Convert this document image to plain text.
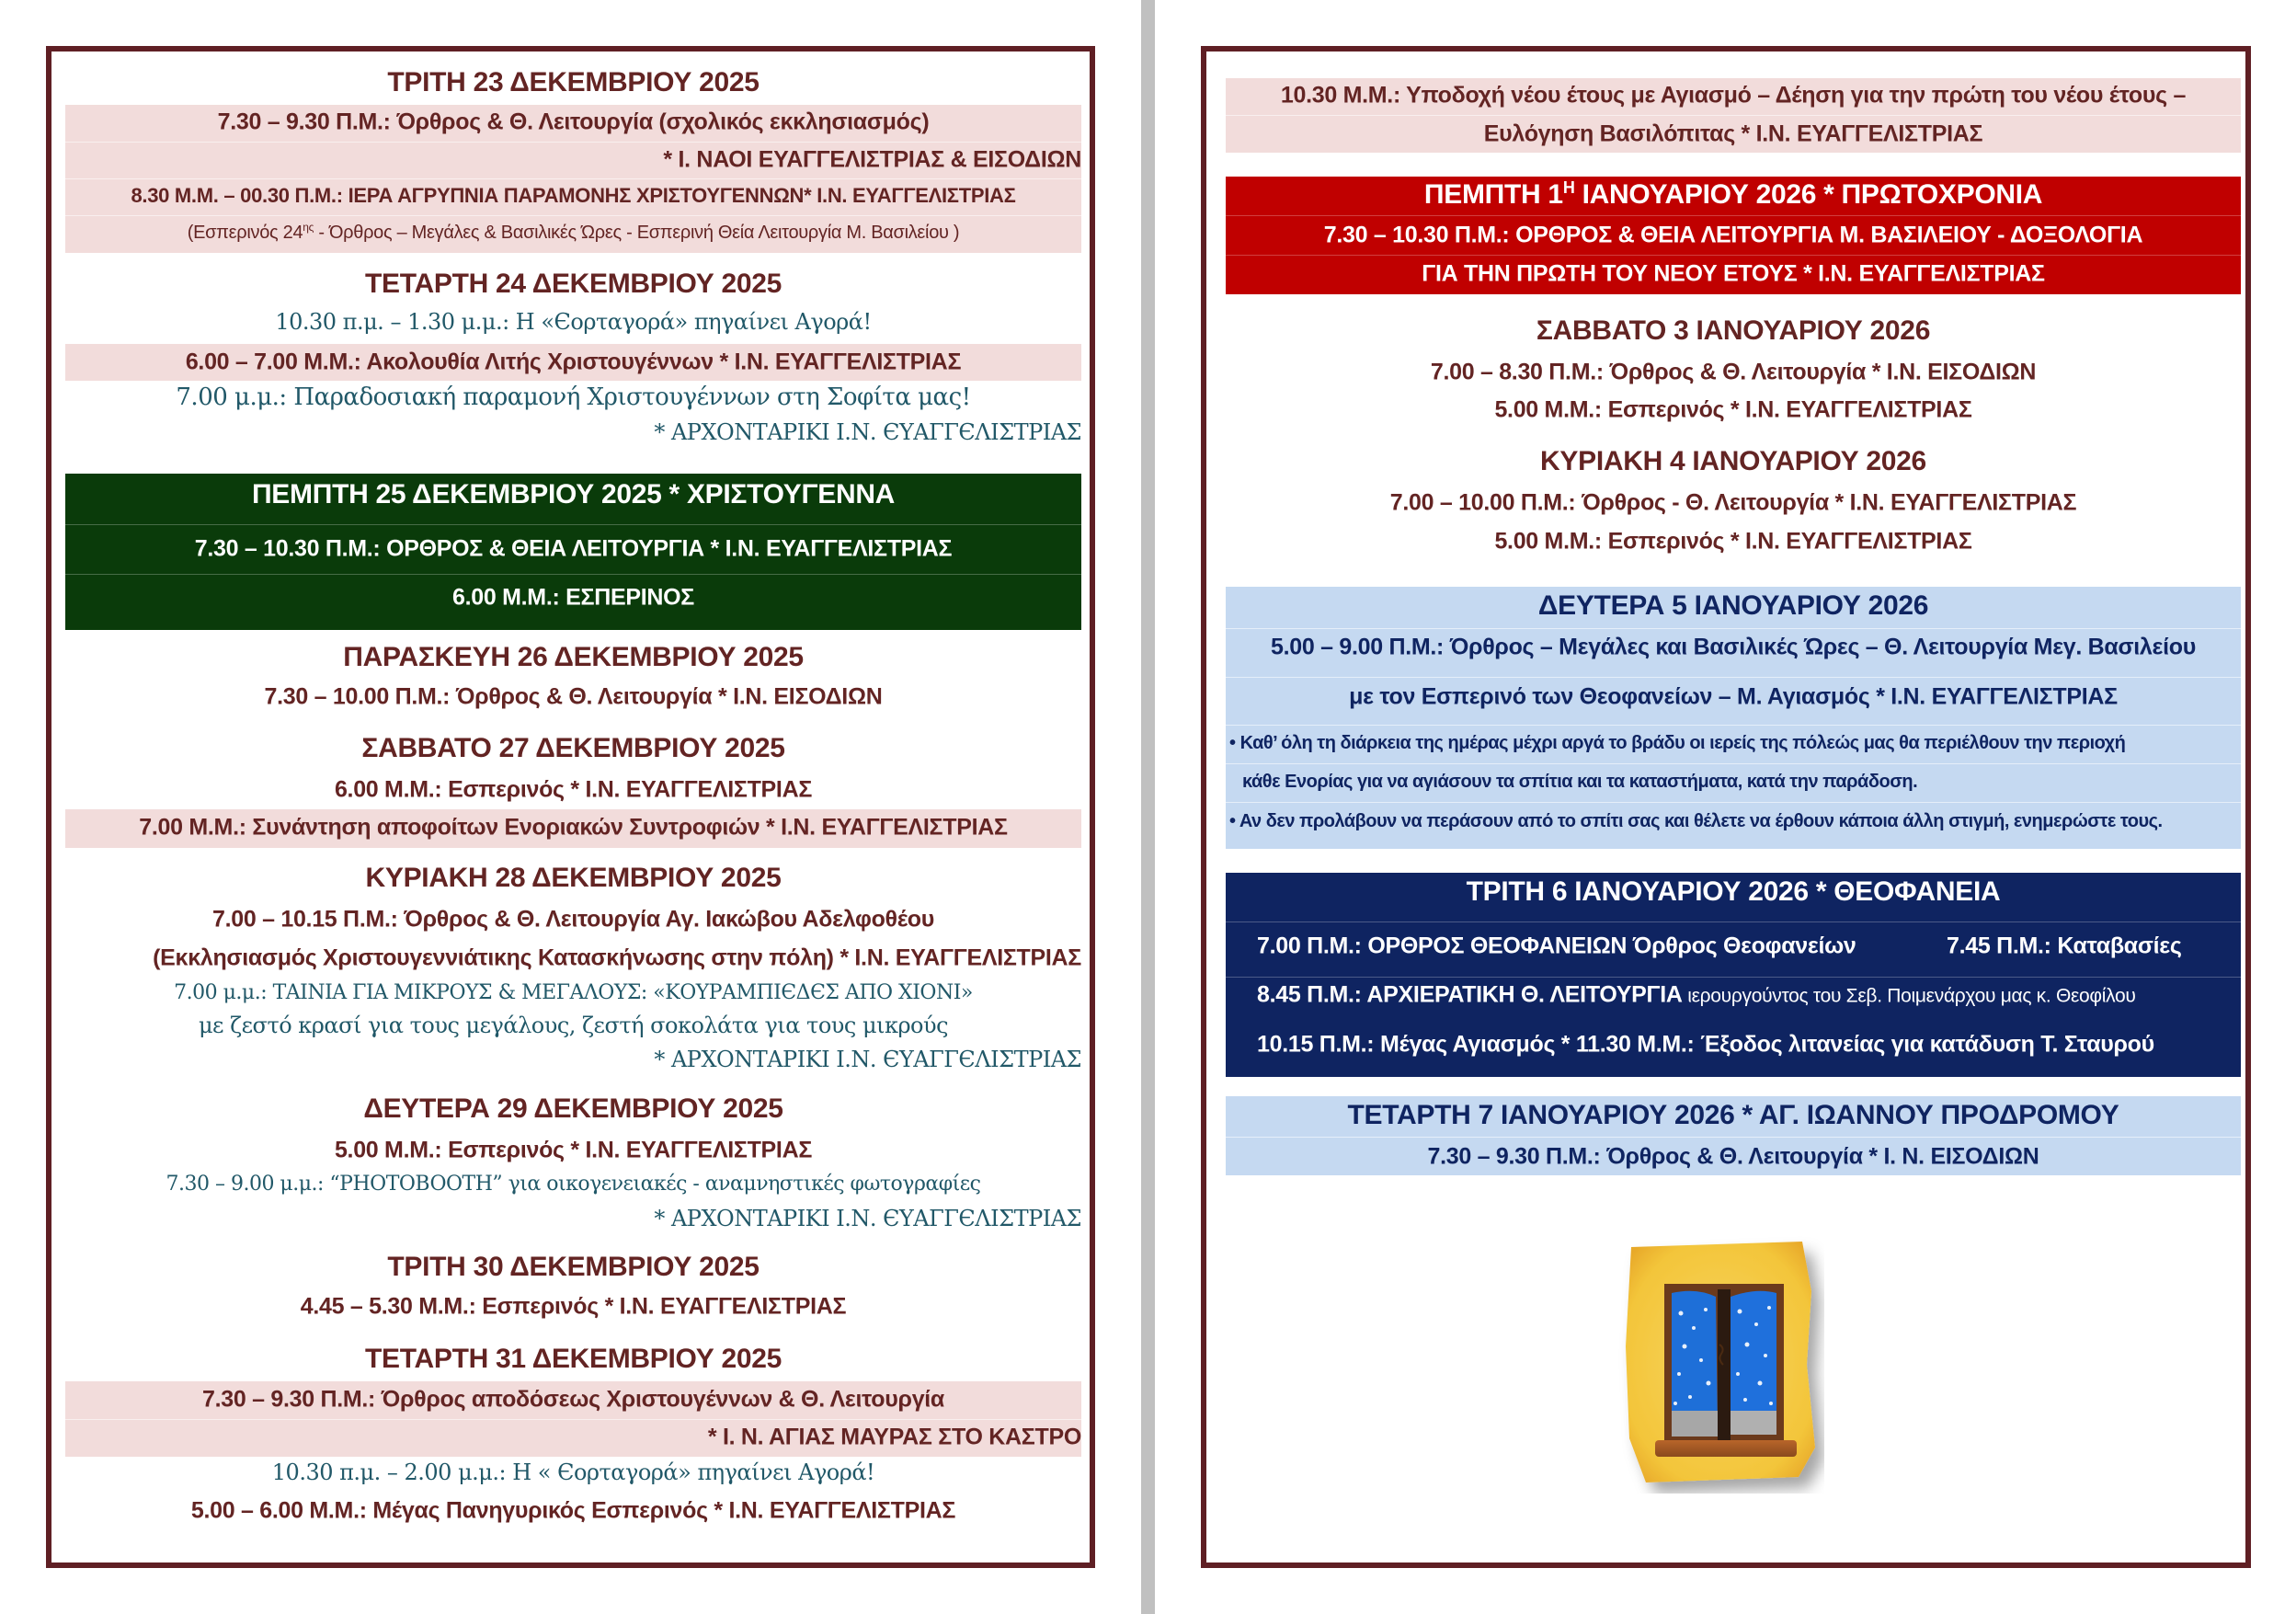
ΤΡΙΤΗ 23 ΔΕΚΕΜΒΡΙΟΥ 2025
7.30 – 9.30 Π.Μ.: Όρθρος & Θ. Λειτουργία (σχολικός εκκλησιασμός)
* Ι. ΝΑΟΙ ΕΥΑΓΓΕΛΙΣΤΡΙΑΣ & ΕΙΣΟΔΙΩΝ
8.30 Μ.Μ. – 00.30 Π.Μ.: ΙΕΡΑ ΑΓΡΥΠΝΙΑ ΠΑΡΑΜΟΝΗΣ ΧΡΙΣΤΟΥΓΕΝΝΩΝ* Ι.Ν. ΕΥΑΓΓΕΛΙΣΤΡΙΑΣ
(Εσπερινός $24^{\eta\varsigma}$ - Όρθρος – Μεγάλες & Βασιλικές Ώρες - Εσπερινή Θεία Λειτουργία Μ. Βασιλείου )
ΤΕΤΑΡΤΗ 24 ΔΕΚΕΜΒΡΙΟΥ 2025
10.30 π.μ. – 1.30 μ.μ.: Η «Єορταγορά» πηγαίνει Αγορά!
6.00 – 7.00 Μ.Μ.: Ακολουθία Λιτής Χριστουγέννων * Ι.Ν. ΕΥΑΓΓΕΛΙΣΤΡΙΑΣ
7.00 μ.μ.: Παραδοσιακή παραμονή Χριστουγέννων στη Σοφίτα μας!
* ΑΡΧΟΝΤΑΡΙΚΙ Ι.Ν. ЄΥΑΓΓЄΛΙΣΤΡΙΑΣ
ΠΕΜΠΤΗ 25 ΔΕΚΕΜΒΡΙΟΥ 2025 * ΧΡΙΣΤΟΥΓΕΝΝΑ
7.30 – 10.30 Π.Μ.: ΟΡΘΡΟΣ & ΘΕΙΑ ΛΕΙΤΟΥΡΓΙΑ * Ι.Ν. ΕΥΑΓΓΕΛΙΣΤΡΙΑΣ
6.00 Μ.Μ.: ΕΣΠΕΡΙΝΟΣ
ΠΑΡΑΣΚΕΥΗ 26 ΔΕΚΕΜΒΡΙΟΥ 2025
7.30 – 10.00 Π.Μ.: Όρθρος & Θ. Λειτουργία * Ι.Ν. ΕΙΣΟΔΙΩΝ
ΣΑΒΒΑΤΟ 27 ΔΕΚΕΜΒΡΙΟΥ 2025
6.00 Μ.Μ.: Εσπερινός * Ι.Ν. ΕΥΑΓΓΕΛΙΣΤΡΙΑΣ
7.00 Μ.Μ.: Συνάντηση αποφοίτων Ενοριακών Συντροφιών * Ι.Ν. ΕΥΑΓΓΕΛΙΣΤΡΙΑΣ
ΚΥΡΙΑΚΗ 28 ΔΕΚΕΜΒΡΙΟΥ 2025
7.00 – 10.15 Π.Μ.: Όρθρος & Θ. Λειτουργία Αγ. Ιακώβου Αδελφοθέου
(Εκκλησιασμός Χριστουγεννιάτικης Κατασκήνωσης στην πόλη) * Ι.Ν. ΕΥΑΓΓΕΛΙΣΤΡΙΑΣ
7.00 μ.μ.: ΤΑΙΝΙΑ ΓΙΑ ΜΙΚΡΟΥΣ & ΜΕΓΑΛΟΥΣ: «ΚΟΥΡΑΜΠΙЄΔЄΣ ΑΠΟ ΧΙΟΝΙ»
με ζεστό κρασί για τους μεγάλους, ζεστή σοκολάτα για τους μικρούς
* ΑΡΧΟΝΤΑΡΙΚΙ Ι.Ν. ЄΥΑΓΓЄΛΙΣΤΡΙΑΣ
ΔΕΥΤΕΡΑ 29 ΔΕΚΕΜΒΡΙΟΥ 2025
5.00 Μ.Μ.: Εσπερινός * Ι.Ν. ΕΥΑΓΓΕΛΙΣΤΡΙΑΣ
7.30 – 9.00 μ.μ.: “PHOTOBOOTH” για οικογενειακές - αναμνηστικές φωτογραφίες
* ΑΡΧΟΝΤΑΡΙΚΙ Ι.Ν. ЄΥΑΓΓЄΛΙΣΤΡΙΑΣ
ΤΡΙΤΗ 30 ΔΕΚΕΜΒΡΙΟΥ 2025
4.45 – 5.30 Μ.Μ.: Εσπερινός * Ι.Ν. ΕΥΑΓΓΕΛΙΣΤΡΙΑΣ
ΤΕΤΑΡΤΗ 31 ΔΕΚΕΜΒΡΙΟΥ 2025
7.30 – 9.30 Π.Μ.: Όρθρος αποδόσεως Χριστουγέννων & Θ. Λειτουργία
* Ι. Ν. ΑΓΙΑΣ ΜΑΥΡΑΣ ΣΤΟ ΚΑΣΤΡΟ
10.30 π.μ. – 2.00 μ.μ.: Η « Єορταγορά» πηγαίνει Αγορά!
5.00 – 6.00 Μ.Μ.: Μέγας Πανηγυρικός Εσπερινός * Ι.Ν. ΕΥΑΓΓΕΛΙΣΤΡΙΑΣ
10.30 Μ.Μ.: Υποδοχή νέου έτους με Αγιασμό – Δέηση για την πρώτη του νέου έτους –
Ευλόγηση Βασιλόπιτας * Ι.Ν. ΕΥΑΓΓΕΛΙΣΤΡΙΑΣ
ΠΕΜΠΤΗ $1^H$ ΙΑΝΟΥΑΡΙΟΥ 2026 * ΠΡΩΤΟΧΡΟΝΙΑ
7.30 – 10.30 Π.Μ.: ΟΡΘΡΟΣ & ΘΕΙΑ ΛΕΙΤΟΥΡΓΙΑ Μ. ΒΑΣΙΛΕΙΟΥ - ΔΟΞΟΛΟΓΙΑ
ΓΙΑ ΤΗΝ ΠΡΩΤΗ ΤΟΥ ΝΕΟΥ ΕΤΟΥΣ * Ι.Ν. ΕΥΑΓΓΕΛΙΣΤΡΙΑΣ
ΣΑΒΒΑΤΟ 3 ΙΑΝΟΥΑΡΙΟΥ 2026
7.00 – 8.30 Π.Μ.: Όρθρος & Θ. Λειτουργία * Ι.Ν. ΕΙΣΟΔΙΩΝ
5.00 Μ.Μ.: Εσπερινός * Ι.Ν. ΕΥΑΓΓΕΛΙΣΤΡΙΑΣ
ΚΥΡΙΑΚΗ 4 ΙΑΝΟΥΑΡΙΟΥ 2026
7.00 – 10.00 Π.Μ.: Όρθρος - Θ. Λειτουργία * Ι.Ν. ΕΥΑΓΓΕΛΙΣΤΡΙΑΣ
5.00 Μ.Μ.: Εσπερινός * Ι.Ν. ΕΥΑΓΓΕΛΙΣΤΡΙΑΣ
ΔΕΥΤΕΡΑ 5 ΙΑΝΟΥΑΡΙΟΥ 2026
5.00 – 9.00 Π.Μ.: Όρθρος – Μεγάλες και Βασιλικές Ώρες – Θ. Λειτουργία Μεγ. Βασιλείου
με τον Εσπερινό των Θεοφανείων – Μ. Αγιασμός * Ι.Ν. ΕΥΑΓΓΕΛΙΣΤΡΙΑΣ
• Καθ’ όλη τη διάρκεια της ημέρας μέχρι αργά το βράδυ οι ιερείς της πόλεώς μας θα περιέλθουν την περιοχή
κάθε Ενορίας για να αγιάσουν τα σπίτια και τα καταστήματα, κατά την παράδοση.
• Αν δεν προλάβουν να περάσουν από το σπίτι σας και θέλετε να έρθουν κάποια άλλη στιγμή, ενημερώστε τους.
ΤΡΙΤΗ 6 ΙΑΝΟΥΑΡΙΟΥ 2026 * ΘΕΟΦΑΝΕΙΑ
7.00 Π.Μ.: ΟΡΘΡΟΣ ΘΕΟΦΑΝΕΙΩΝ Όρθρος Θεοφανείων	7.45 Π.Μ.: Καταβασίες
8.45 Π.Μ.: ΑΡΧΙΕΡΑΤΙΚΗ Θ. ΛΕΙΤΟΥΡΓΙΑ ιερουργούντος του Σεβ. Ποιμενάρχου μας κ. Θεοφίλου
10.15 Π.Μ.: Μέγας Αγιασμός * 11.30 Μ.Μ.: Έξοδος λιτανείας για κατάδυση Τ. Σταυρού
ΤΕΤΑΡΤΗ 7 ΙΑΝΟΥΑΡΙΟΥ 2026 * ΑΓ. ΙΩΑΝΝΟΥ ΠΡΟΔΡΟΜΟΥ
7.30 – 9.30 Π.Μ.: Όρθρος & Θ. Λειτουργία * Ι. Ν. ΕΙΣΟΔΙΩΝ
